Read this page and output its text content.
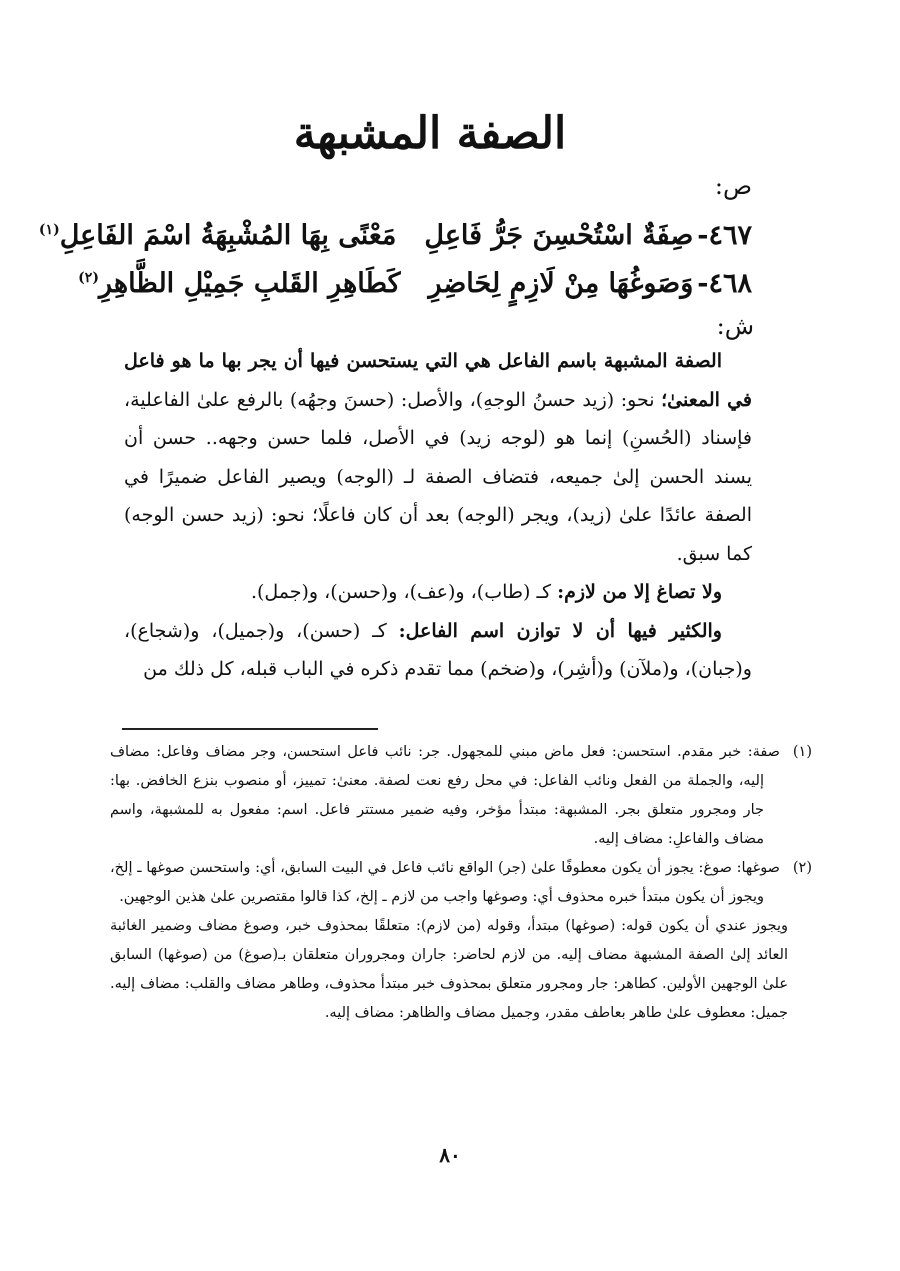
الصفة المشبهة
ص:
٤٦٧-صِفَةٌ اسْتُحْسِنَ جَرُّ فَاعِلِمَعْنًى بِهَا المُشْبِهَةُ اسْمَ الفَاعِلِ$^{(١)}$
٤٦٨-وَصَوغُهَا مِنْ لَازِمٍ لِحَاضِرِكَطَاهِرِ القَلبِ جَمِيْلِ الظَّاهِرِ$^{(٢)}$
ش:

الصفة المشبهة باسم الفاعل هي التي يستحسن فيها أن يجر بها ما هو فاعل في المعنىٰ؛ نحو: (زيد حسنُ الوجهِ)، والأصل: (حسنَ وجهُه) بالرفع علىٰ الفاعلية، فإسناد (الحُسنِ) إنما هو (لوجه زيد) في الأصل، فلما حسن وجهه.. حسن أن يسند الحسن إلىٰ جميعه، فتضاف الصفة لـ (الوجه) ويصير الفاعل ضميرًا في الصفة عائدًا علىٰ (زيد)، ويجر (الوجه) بعد أن كان فاعلًا؛ نحو: (زيد حسن الوجه) كما سبق.

ولا تصاغ إلا من لازم: كـ (طاب)، و(عف)، و(حسن)، و(جمل).

والكثير فيها أن لا توازن اسم الفاعل: كـ (حسن)، و(جميل)، و(شجاع)، و(جبان)، و(ملآن) و(أشِر)، و(ضخم) مما تقدم ذكره في الباب قبله، كل ذلك من

(١)صفة: خبر مقدم. استحسن: فعل ماض مبني للمجهول. جر: نائب فاعل استحسن، وجر مضاف وفاعل: مضاف إليه، والجملة من الفعل ونائب الفاعل: في محل رفع نعت لصفة. معنىٰ: تمييز، أو منصوب بنزع الخافض. بها: جار ومجرور متعلق بجر. المشبهة: مبتدأ مؤخر، وفيه ضمير مستتر فاعل. اسم: مفعول به للمشبهة، واسم مضاف والفاعلِ: مضاف إليه.

(٢)صوغها: صوغ: يجوز أن يكون معطوفًا علىٰ (جر) الواقع نائب فاعل في البيت السابق، أي: واستحسن صوغها ـ إلخ، ويجوز أن يكون مبتدأ خبره محذوف أي: وصوغها واجب من لازم ـ إلخ، كذا قالوا مقتصرين علىٰ هذين الوجهين.

ويجوز عندي أن يكون قوله: (صوغها) مبتدأ، وقوله (من لازم): متعلقًا بمحذوف خبر، وصوغ مضاف وضمير الغائبة العائد إلىٰ الصفة المشبهة مضاف إليه. من لازم لحاضر: جاران ومجروران متعلقان بـ(صوغ) من (صوغها) السابق علىٰ الوجهين الأولين. كطاهر: جار ومجرور متعلق بمحذوف خبر مبتدأ محذوف، وطاهر مضاف والقلب: مضاف إليه. جميل: معطوف علىٰ طاهر بعاطف مقدر، وجميل مضاف والظاهر: مضاف إليه.

٨٠
